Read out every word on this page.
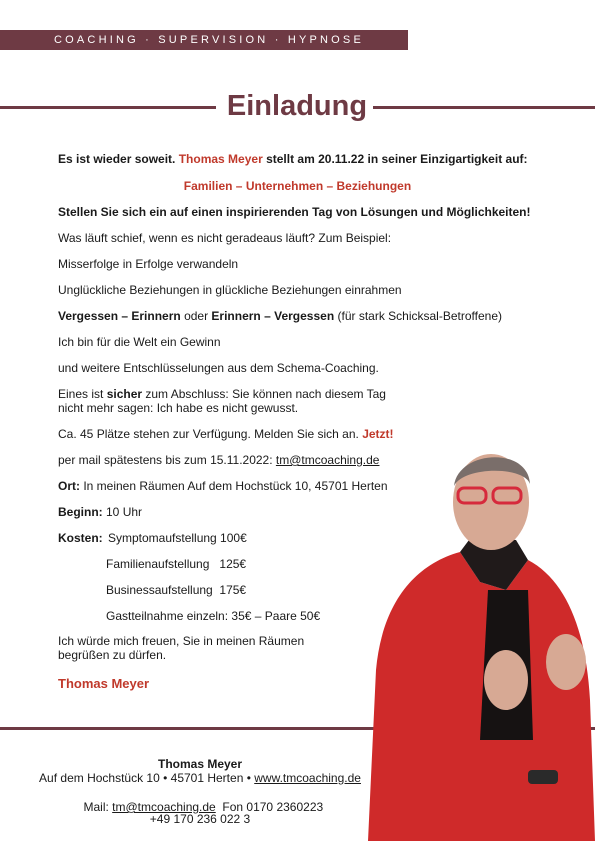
COACHING · SUPERVISION · HYPNOSE
Einladung
Es ist wieder soweit. Thomas Meyer stellt am 20.11.22 in seiner Einzigartigkeit auf:
Familien – Unternehmen – Beziehungen
Stellen Sie sich ein auf einen inspirierenden Tag von Lösungen und Möglichkeiten!
Was läuft schief, wenn es nicht geradeaus läuft? Zum Beispiel:
Misserfolge in Erfolge verwandeln
Unglückliche Beziehungen in glückliche Beziehungen einrahmen
Vergessen – Erinnern oder Erinnern – Vergessen (für stark Schicksal-Betroffene)
Ich bin für die Welt ein Gewinn
und weitere Entschlüsselungen aus dem Schema-Coaching.
Eines ist sicher zum Abschluss: Sie können nach diesem Tag
nicht mehr sagen: Ich habe es nicht gewusst.
Ca. 45 Plätze stehen zur Verfügung. Melden Sie sich an. Jetzt!
per mail spätestens bis zum 15.11.2022: tm@tmcoaching.de
Ort: In meinen Räumen Auf dem Hochstück 10, 45701 Herten
Beginn: 10 Uhr
Kosten: Symptomaufstellung 100€
Familienaufstellung   125€
Businessaufstellung  175€
Gastteilnahme einzeln: 35€ – Paare 50€
Ich würde mich freuen, Sie in meinen Räumen
begrüßen zu dürfen.
Thomas Meyer
Thomas Meyer
Auf dem Hochstück 10 • 45701 Herten • www.tmcoaching.de

Mail: tm@tmcoaching.de  Fon 0170 2360223

+49 170 236 022 3
